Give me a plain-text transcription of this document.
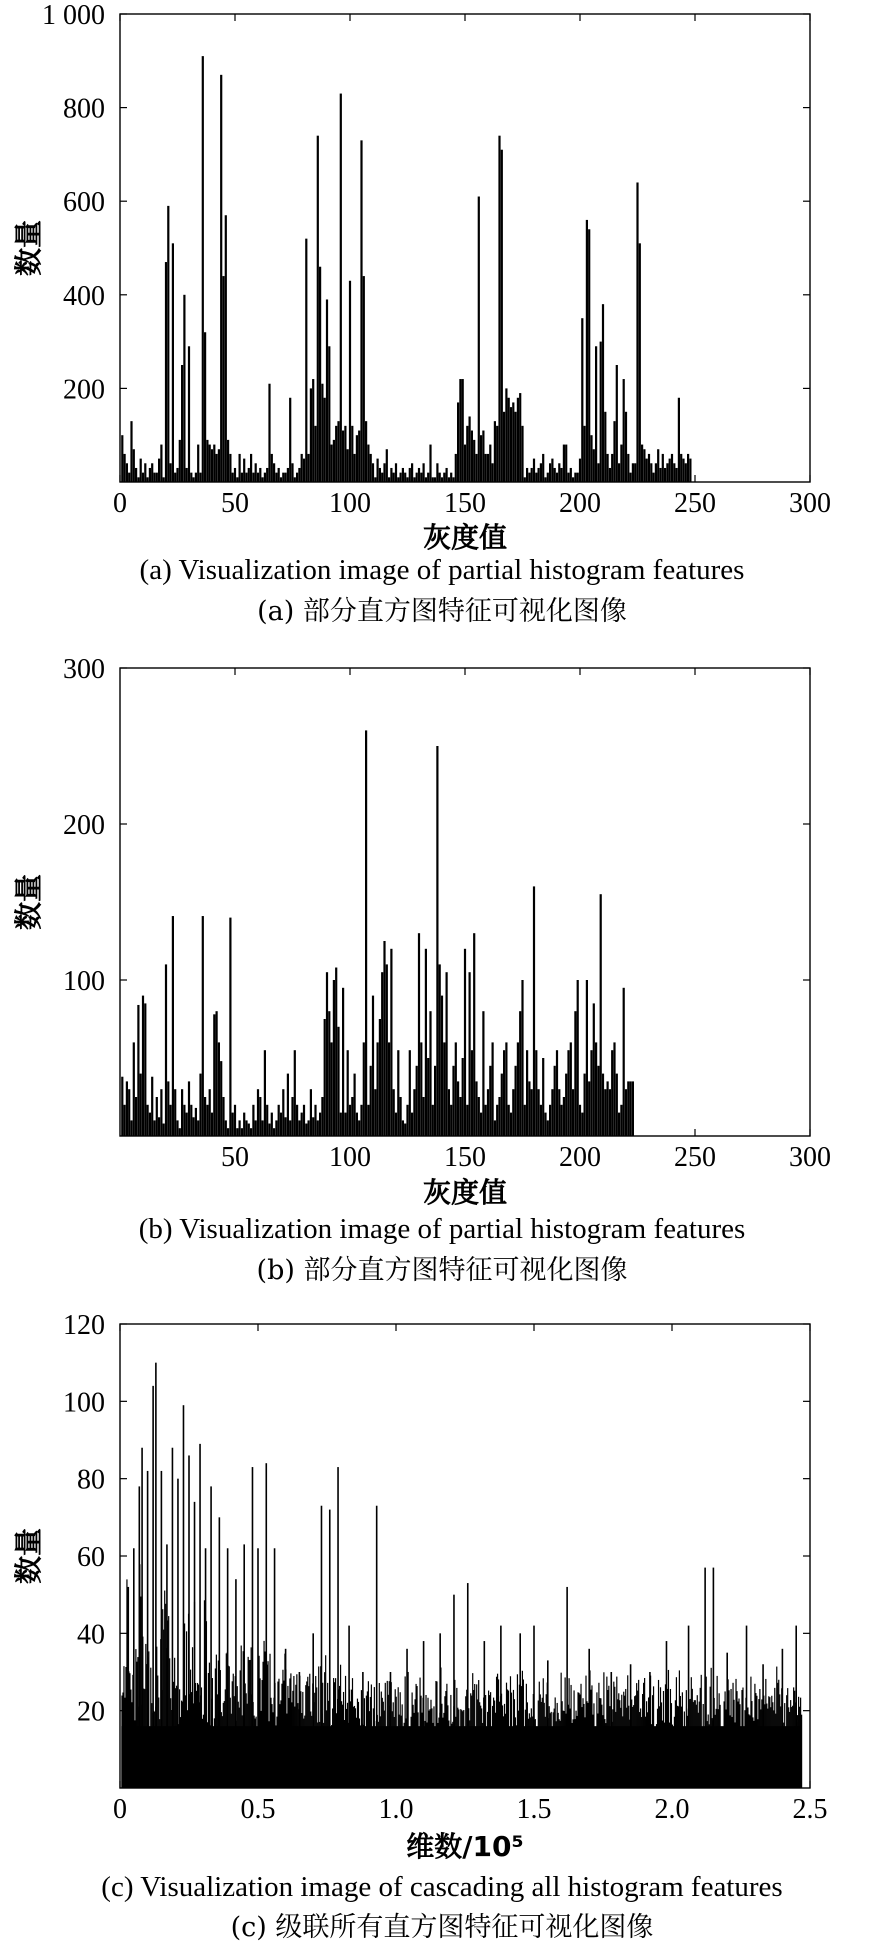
0	50	100	150	200	250	300
200
400
600
800
1 000
灰度值
数量
(a) Visualization image of partial histogram features
(a) 部分直方图特征可视化图像
50	100	150	200	250	300
100
200
300
灰度值
数量
(b) Visualization image of partial histogram features
(b) 部分直方图特征可视化图像
0	0.5	1.0	1.5	2.0	2.5
20
40
60
80
100
120
维数/10⁵
数量
(c) Visualization image of cascading all histogram features
(c) 级联所有直方图特征可视化图像
